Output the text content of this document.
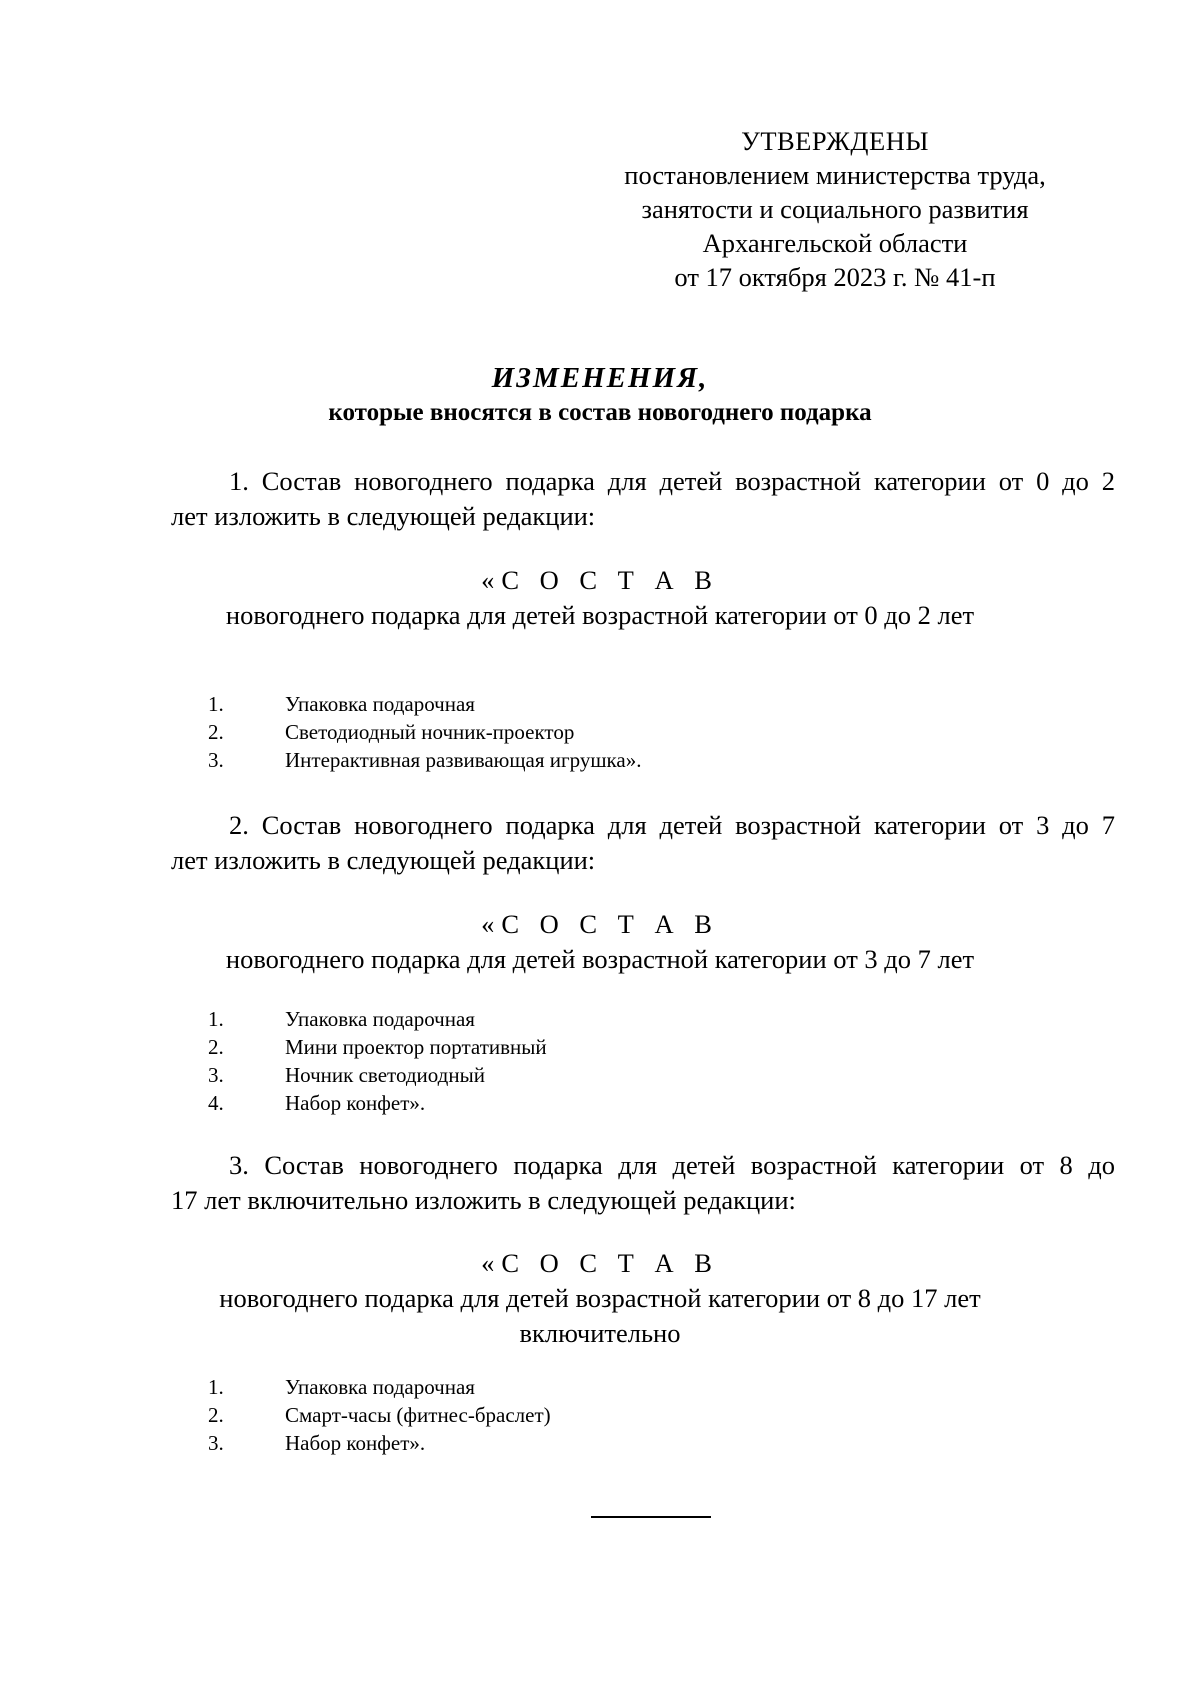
УТВЕРЖДЕНЫ
постановлением министерства труда,
занятости и социального развития
Архангельской области
от 17 октября 2023 г. № 41-п
ИЗМЕНЕНИЯ,
которые вносятся в состав новогоднего подарка
1. Состав новогоднего подарка для детей возрастной категории от 0 до 2
лет изложить в следующей редакции:
«С О С Т А В
новогоднего подарка для детей возрастной категории от 0 до 2 лет
1.	Упаковка подарочная
2.	Светодиодный ночник-проектор
3.	Интерактивная развивающая игрушка».
2. Состав новогоднего подарка для детей возрастной категории от 3 до 7
лет изложить в следующей редакции:
«С О С Т А В
новогоднего подарка для детей возрастной категории от 3 до 7 лет
1.	Упаковка подарочная
2.	Мини проектор портативный
3.	Ночник светодиодный
4.	Набор конфет».
3. Состав новогоднего подарка для детей возрастной категории от 8 до
17 лет включительно изложить в следующей редакции:
«С О С Т А В
новогоднего подарка для детей возрастной категории от 8 до 17 лет
включительно
1.	Упаковка подарочная
2.	Смарт-часы (фитнес-браслет)
3.	Набор конфет».
